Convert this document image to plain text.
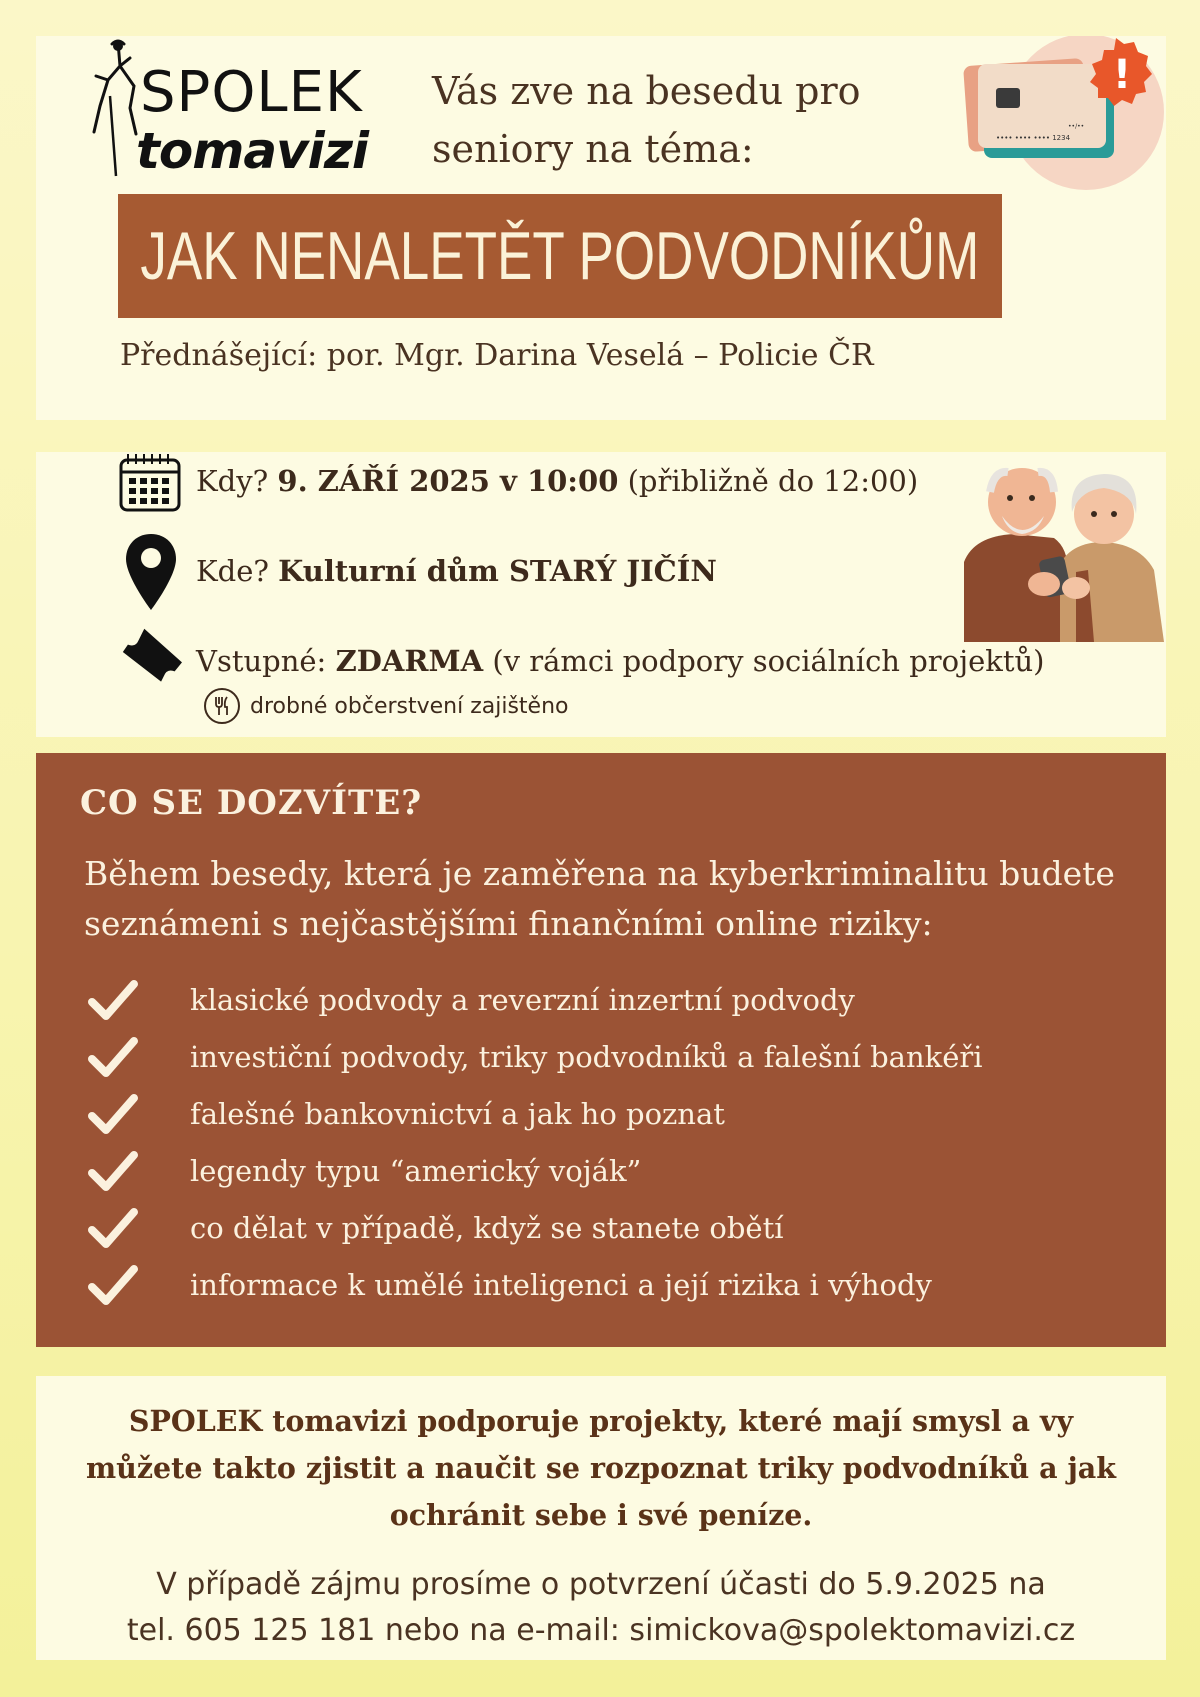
SPOLEK
tomavizi
Vás zve na besedu pro
seniory na téma:	•••• •••• •••• 1234
••/••
!
JAK NENALETĚT PODVODNÍKŮM
Přednášející: por. Mgr. Darina Veselá – Policie ČR
Kdy? 9. ZÁŘÍ 2025 v 10:00 (přibližně do 12:00)
Kde? Kulturní dům STARÝ JIČÍN
Vstupné: ZDARMA (v rámci podpory sociálních projektů)
drobné občerstvení zajištěno
CO SE DOZVÍTE?
Během besedy, která je zaměřena na kyberkriminalitu budete seznámeni s nejčastějšími finančními online riziky:
klasické podvody a reverzní inzertní podvody
investiční podvody, triky podvodníků a falešní bankéři
falešné bankovnictví a jak ho poznat
legendy typu “americký voják”
co dělat v případě, když se stanete obětí
informace k umělé inteligenci a její rizika i výhody
SPOLEK tomavizi podporuje projekty, které mají smysl a vy můžete takto zjistit a naučit se rozpoznat triky podvodníků a jak ochránit sebe i své peníze.
V případě zájmu prosíme o potvrzení účasti do 5.9.2025 na
tel. 605 125 181 nebo na e-mail: simickova@spolektomavizi.cz
